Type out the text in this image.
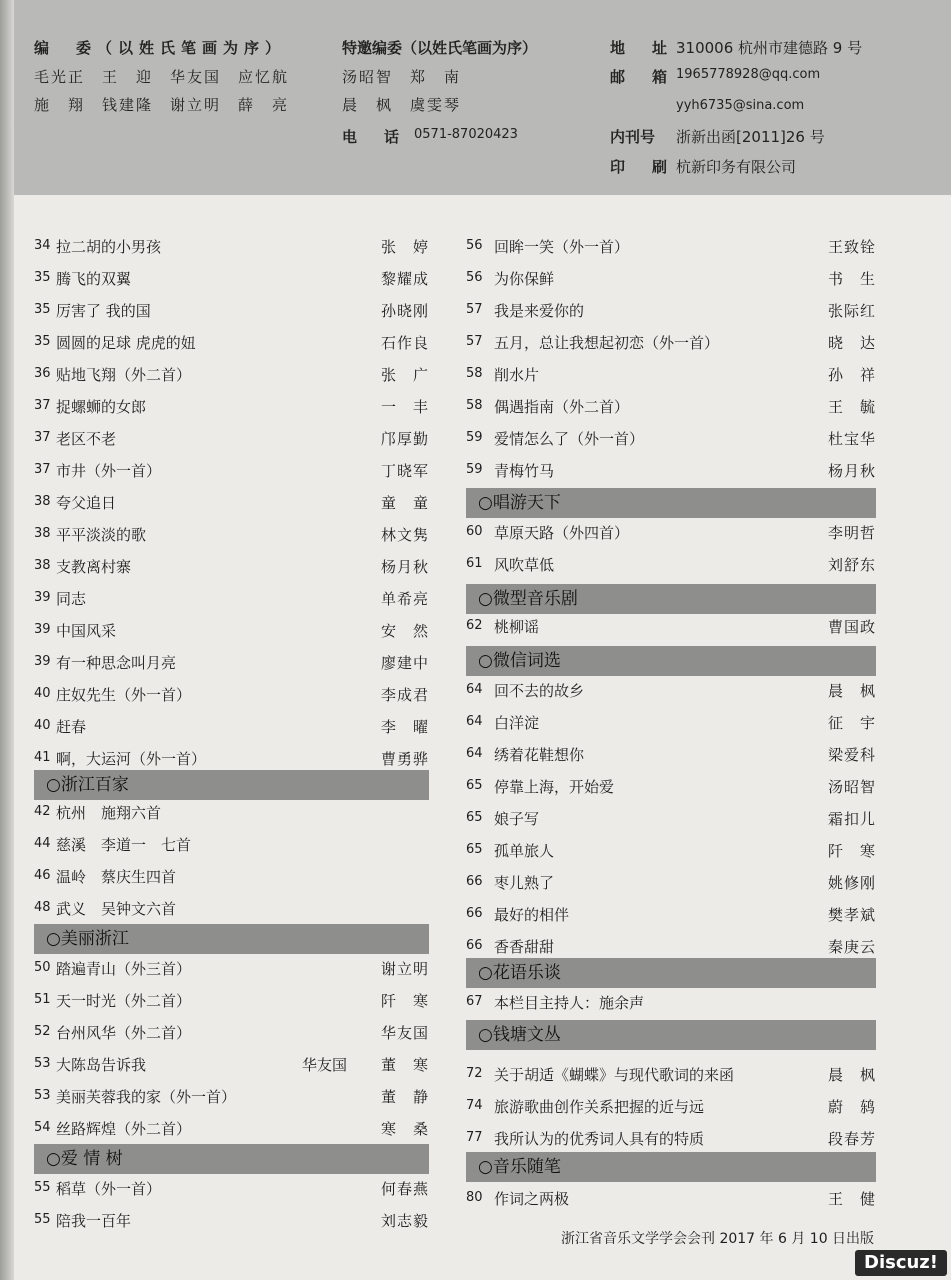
编　委（以姓氏笔画为序）
毛光正　王　迎　华友国　应忆航
施　翔　钱建隆　谢立明　薛　亮
特邀编委（以姓氏笔画为序）
汤昭智　郑　南
晨　枫　虞雯琴
电　话 0571-87020423
地　址 310006 杭州市建德路 9 号
邮　箱 1965778928@qq.com
yyh6735@sina.com
内刊号 浙新出函[2011]26 号
印　刷 杭新印务有限公司
34 拉二胡的小男孩	张　婷
35 腾飞的双翼	黎耀成
35 厉害了 我的国	孙晓刚
35 圆圆的足球 虎虎的妞	石作良
36 贴地飞翔（外二首）	张　广
37 捉螺蛳的女郎	一　丰
37 老区不老	邝厚勤
37 市井（外一首）	丁晓军
38 夸父追日	童　童
38 平平淡淡的歌	林文隽
38 支教离村寨	杨月秋
39 同志	单希亮
39 中国风采	安　然
39 有一种思念叫月亮	廖建中
40 庄奴先生（外一首）	李成君
40 赶春	李　曜
41 啊，大运河（外一首）	曹勇骅
○浙江百家
42 杭州　施翔六首
44 慈溪　李道一　七首
46 温岭　蔡庆生四首
48 武义　吴钟文六首
○美丽浙江
50 踏遍青山（外三首）	谢立明
51 天一时光（外二首）	阡　寒
52 台州风华（外二首）	华友国
53 大陈岛告诉我	华友国 董　寒
53 美丽芙蓉我的家（外一首）	董　静
54 丝路辉煌（外二首）	寒　桑
○爱 情 树
55 稻草（外一首）	何春燕
55 陪我一百年	刘志毅
56 回眸一笑（外一首）	王致铨
56 为你保鲜	书　生
57 我是来爱你的	张际红
57 五月，总让我想起初恋（外一首）	晓　达
58 削水片	孙　祥
58 偶遇指南（外二首）	王　毓
59 爱情怎么了（外一首）	杜宝华
59 青梅竹马	杨月秋
○唱游天下
60 草原天路（外四首）	李明哲
61 风吹草低	刘舒东
○微型音乐剧
62 桃柳谣	曹国政
○微信词选
64 回不去的故乡	晨　枫
64 白洋淀	征　宇
64 绣着花鞋想你	梁爱科
65 停靠上海，开始爱	汤昭智
65 娘子写	霜扣儿
65 孤单旅人	阡　寒
66 枣儿熟了	姚修刚
66 最好的相伴	樊孝斌
66 香香甜甜	秦庚云
○花语乐谈
67 本栏目主持人：施余声
○钱塘文丛
72 关于胡适《蝴蝶》与现代歌词的来函	晨　枫
74 旅游歌曲创作关系把握的近与远	蔚　鸫
77 我所认为的优秀词人具有的特质	段春芳
○音乐随笔
80 作词之两极	王　健
浙江省音乐文学学会会刊 2017 年 6 月 10 日出版
Discuz!
